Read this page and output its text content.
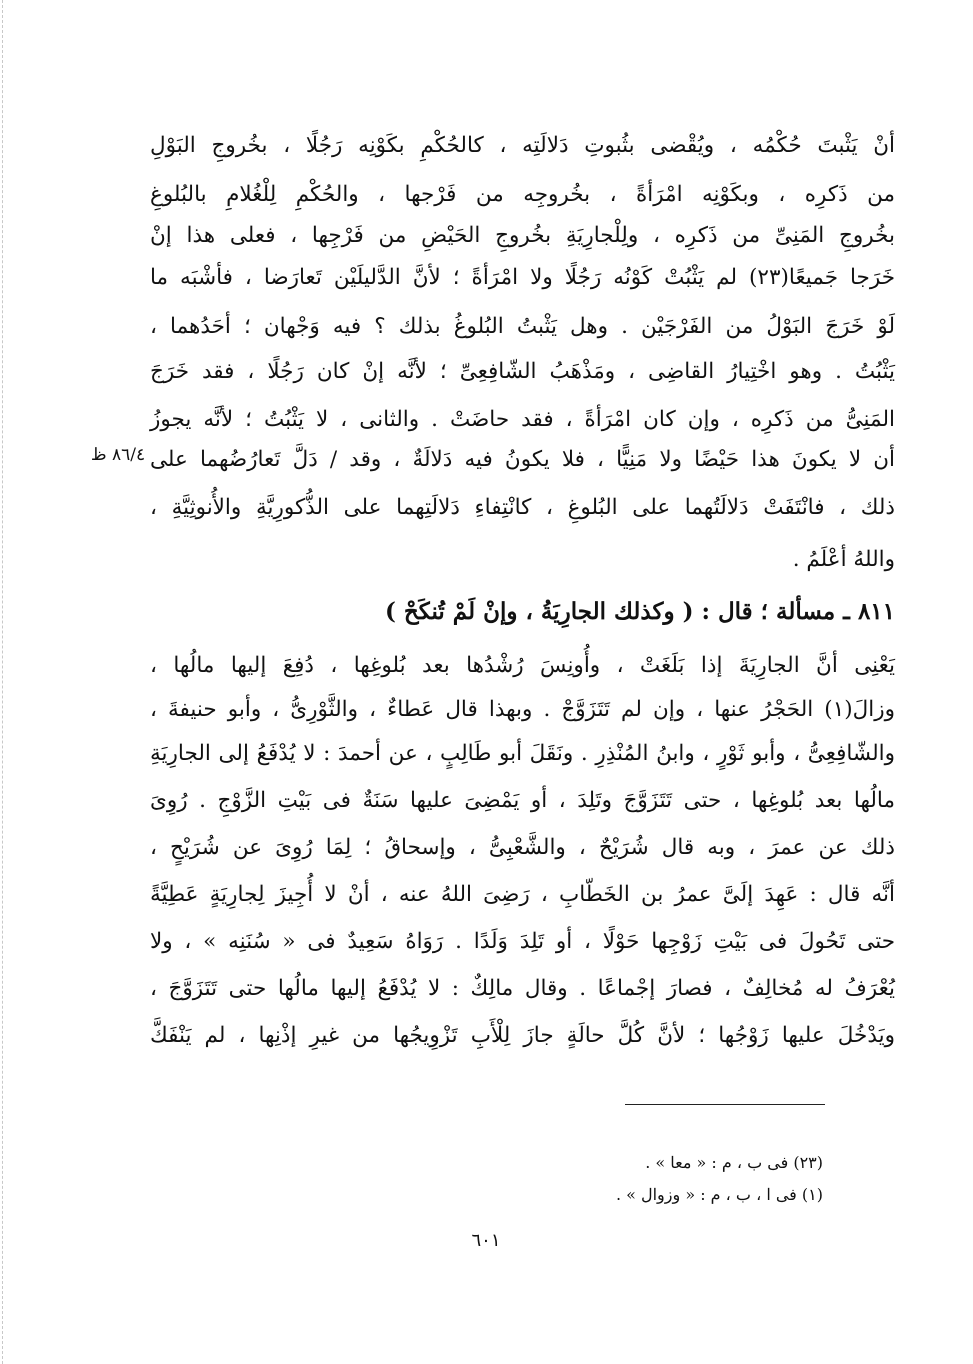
أنْ يَثْبتَ حُكْمُه ، ويُقْضى بثُبوتِ دَلالَتِه ، كالحُكْمِ بكَوْنِه رَجُلًا ، بخُروجِ البَوْلِ
من ذَكرِه ، وبكَوْنِه امْرَأةً ، بخُروجِه من فَرْجها ، والحُكْمِ لِلْغُلامِ بالبُلوغِ
بخُروجِ المَنِىِّ من ذَكرِه ، ولِلْجارِيَةِ بخُروجِ الحَيْضِ من فَرْجِها ، فعلى هذا إنْ
خَرَجا جَميعًا(٢٣) لم يَثْبُتْ كَوْنُه رَجُلًا ولا امْرَأةً ؛ لأنَّ الدَّليلَيْن تَعارَضا ، فأشْبَه ما
لَوْ خَرَجَ البَوْلُ من الفَرْجَيْن . وهل يَثْبتُ البُلوغُ بذلك ؟ فيه وَجْهان ؛ أحَدُهما ،
يَثْبُتُ . وهو اخْتِيارُ القاضِى ، ومَذْهَبُ الشّافِعِىِّ ؛ لأنَّه إنْ كان رَجُلًا ، فقد خَرَجَ
المَنِىُّ من ذَكرِه ، وإن كان امْرَأةً ، فقد حاضَتْ . والثانى ، لا يَثْبُتُ ؛ لأنَّه يجوزُ
أن لا يكونَ هذا حَيْضًا ولا مَنِيًّا ، فلا يكونُ فيه دَلالَةٌ ، وقد / دَلَّ تَعارُضُهما على
ذلك ، فانْتَفَتْ دَلالَتُهما على البُلوغِ ، كانْتِفاءِ دَلالَتِهما على الذُّكورِيَّةِ والأُنوثِيَّةِ ،
واللهُ أعْلَمُ .
٨١١ ـ مسألة ؛ قال : ( وكذلك الجارِيَةُ ، وإنْ لَمْ تُنكَحْ )
يَعْنِى أنَّ الجارِيَةَ إذا بَلَغَتْ ، وأُونِسَ رُشْدُها بعد بُلوغِها ، دُفِعَ إليها مالُها ،
وزالَ(١) الحَجْرُ عنها ، وإن لم تَتَزَوَّجْ . وبهذا قال عَطاءٌ ، والثَّوْرِىُّ ، وأبو حنيفةَ ،
والشّافِعِىُّ ، وأبو ثَوْرٍ ، وابنُ المُنْذِرِ . ونَقَلَ أبو طَالِبٍ ، عن أحمدَ : لا يُدْفَعُ إلى الجارِيَةِ
مالُها بعد بُلوغِها ، حتى تَتَزَوَّجَ وتَلِدَ ، أو يَمْضِىَ عليها سَنَةٌ فى بَيْتِ الزَّوْجِ . رُوِىَ
ذلك عن عمرَ ، وبه قال شُرَيْحٌ ، والشَّعْبِىُّ ، وإسحاقُ ؛ لِمَا رُوِىَ عن شُرَيْحٍ ،
أنَّه قال : عَهِدَ إلَىَّ عمرُ بن الخَطّابِ ، رَضِىَ اللهُ عنه ، أنْ لا أُجِيزَ لِجارِيَةٍ عَطِيَّةً
حتى تَحُولَ فى بَيْتِ زَوْجِها حَوْلًا ، أو تَلِدَ وَلَدًا . رَوَاهُ سَعِيدٌ فى « سُنَنِه » ، ولا
يُعْرَفُ له مُخالِفٌ ، فصارَ إجْماعًا . وقال مالِكٌ : لا يُدْفَعُ إليها مالُها حتى تَتَزَوَّجَ ،
ويَدْخُلَ عليها زَوْجُها ؛ لأنَّ كُلَّ حالَةٍ جازَ لِلْأَبِ تَزْوِيجُها من غيرِ إذْنِها ، لم يَنْفَكَّ
٨٦/٤ ظ
(٢٣) فى ب ، م : « معا » .
(١) فى ا ، ب ، م : « وزوال » .
٦٠١
